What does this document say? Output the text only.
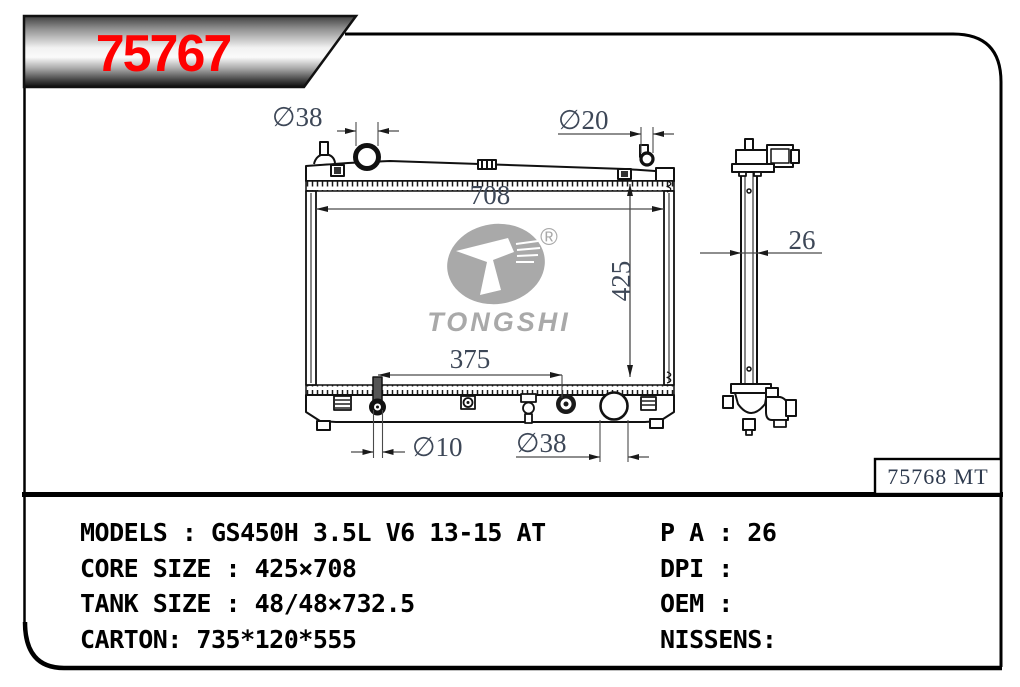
75767
®
TONGSHI
∅38	∅20
708
425
375
∅10 ∅38
26
75768 MT
MODELS : GS450H 3.5L V6 13-15 AT
CORE SIZE : 425×708
TANK SIZE : 48/48×732.5
CARTON: 735*120*555
P A : 26
DPI :
OEM :
NISSENS:
